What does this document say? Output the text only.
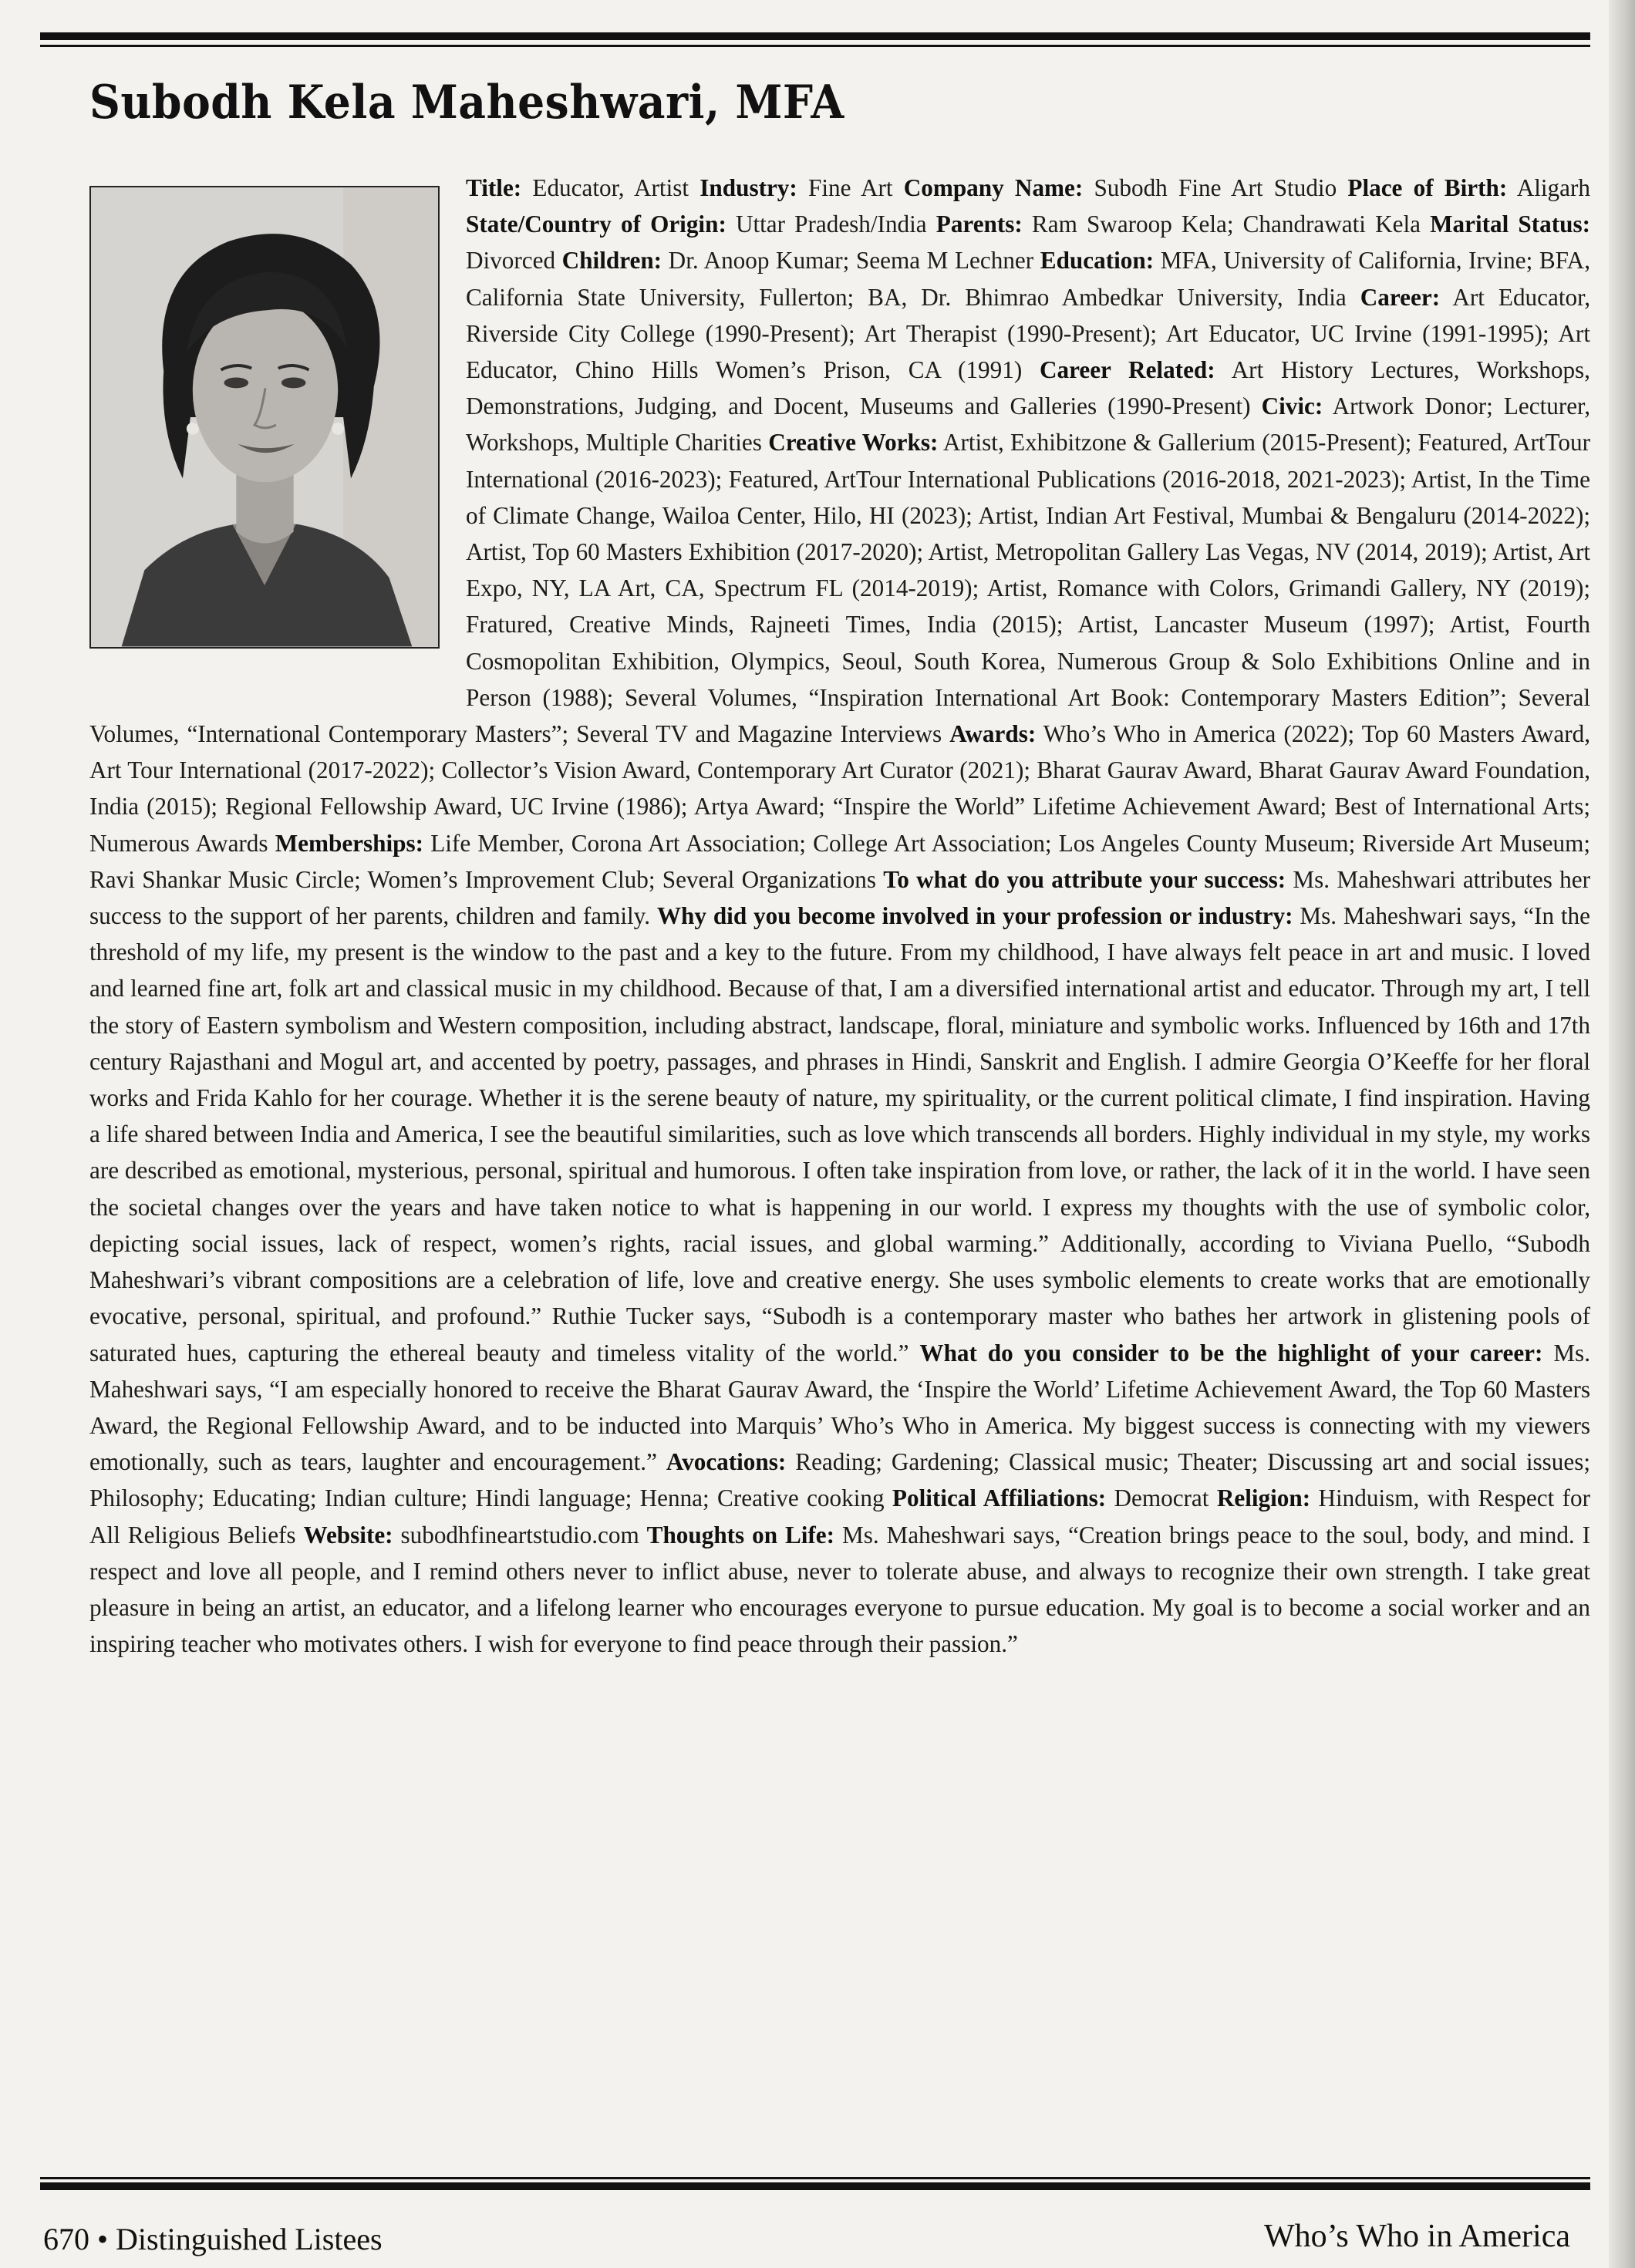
Subodh Kela Maheshwari, MFA
Title: Educator, Artist Industry: Fine Art Company Name: Subodh Fine Art Studio Place of Birth: Aligarh State/Country of Origin: Uttar Pradesh/India Parents: Ram Swaroop Kela; Chandrawati Kela Marital Status: Divorced Children: Dr. Anoop Kumar; Seema M Lechner Education: MFA, University of California, Irvine; BFA, California State University, Fullerton; BA, Dr. Bhimrao Ambedkar University, India Career: Art Educator, Riverside City College (1990-Present); Art Therapist (1990-Present); Art Educator, UC Irvine (1991-1995); Art Educator, Chino Hills Women’s Prison, CA (1991) Career Related: Art History Lectures, Workshops, Demonstrations, Judging, and Docent, Museums and Galleries (1990-Present) Civic: Artwork Donor; Lecturer, Workshops, Multiple Charities Creative Works: Artist, Exhibitzone & Gallerium (2015-Present); Featured, ArtTour International (2016-2023); Featured, ArtTour International Publications (2016-2018, 2021-2023); Artist, In the Time of Climate Change, Wailoa Center, Hilo, HI (2023); Artist, Indian Art Festival, Mumbai & Bengaluru (2014-2022); Artist, Top 60 Masters Exhibition (2017-2020); Artist, Metropolitan Gallery Las Vegas, NV (2014, 2019); Artist, Art Expo, NY, LA Art, CA, Spectrum FL (2014-2019); Artist, Romance with Colors, Grimandi Gallery, NY (2019); Fratured, Creative Minds, Rajneeti Times, India (2015); Artist, Lancaster Museum (1997); Artist, Fourth Cosmopolitan Exhibition, Olympics, Seoul, South Korea, Numerous Group & Solo Exhibitions Online and in Person (1988); Several Volumes, “Inspiration International Art Book: Contemporary Masters Edition”; Several Volumes, “International Contemporary Masters”; Several TV and Magazine Interviews Awards: Who’s Who in America (2022); Top 60 Masters Award, Art Tour International (2017-2022); Collector’s Vision Award, Contemporary Art Curator (2021); Bharat Gaurav Award, Bharat Gaurav Award Foundation, India (2015); Regional Fellowship Award, UC Irvine (1986); Artya Award; “Inspire the World” Lifetime Achievement Award; Best of International Arts; Numerous Awards Memberships: Life Member, Corona Art Association; College Art Association; Los Angeles County Museum; Riverside Art Museum; Ravi Shankar Music Circle; Women’s Improvement Club; Several Organizations To what do you attribute your success: Ms. Maheshwari attributes her success to the support of her parents, children and family. Why did you become involved in your profession or industry: Ms. Maheshwari says, “In the threshold of my life, my present is the window to the past and a key to the future. From my childhood, I have always felt peace in art and music. I loved and learned fine art, folk art and classical music in my childhood. Because of that, I am a diversified international artist and educator. Through my art, I tell the story of Eastern symbolism and Western composition, including abstract, landscape, floral, miniature and symbolic works. Influenced by 16th and 17th century Rajasthani and Mogul art, and accented by poetry, passages, and phrases in Hindi, Sanskrit and English. I admire Georgia O’Keeffe for her floral works and Frida Kahlo for her courage. Whether it is the serene beauty of nature, my spirituality, or the current political climate, I find inspiration. Having a life shared between India and America, I see the beautiful similarities, such as love which transcends all borders. Highly individual in my style, my works are described as emotional, mysterious, personal, spiritual and humorous. I often take inspiration from love, or rather, the lack of it in the world. I have seen the societal changes over the years and have taken notice to what is happening in our world. I express my thoughts with the use of symbolic color, depicting social issues, lack of respect, women’s rights, racial issues, and global warming.” Additionally, according to Viviana Puello, “Subodh Maheshwari’s vibrant compositions are a celebration of life, love and creative energy. She uses symbolic elements to create works that are emotionally evocative, personal, spiritual, and profound.” Ruthie Tucker says, “Subodh is a contemporary master who bathes her artwork in glistening pools of saturated hues, capturing the ethereal beauty and timeless vitality of the world.” What do you consider to be the highlight of your career: Ms. Maheshwari says, “I am especially honored to receive the Bharat Gaurav Award, the ‘Inspire the World’ Lifetime Achievement Award, the Top 60 Masters Award, the Regional Fellowship Award, and to be inducted into Marquis’ Who’s Who in America. My biggest success is connecting with my viewers emotionally, such as tears, laughter and encouragement.” Avocations: Reading; Gardening; Classical music; Theater; Discussing art and social issues; Philosophy; Educating; Indian culture; Hindi language; Henna; Creative cooking Political Affiliations: Democrat Religion: Hinduism, with Respect for All Religious Beliefs Website: subodhfineartstudio.com Thoughts on Life: Ms. Maheshwari says, “Creation brings peace to the soul, body, and mind. I respect and love all people, and I remind others never to inflict abuse, never to tolerate abuse, and always to recognize their own strength. I take great pleasure in being an artist, an educator, and a lifelong learner who encourages everyone to pursue education. My goal is to become a social worker and an inspiring teacher who motivates others. I wish for everyone to find peace through their passion.”
670 • Distinguished Listees	Who’s Who in America
